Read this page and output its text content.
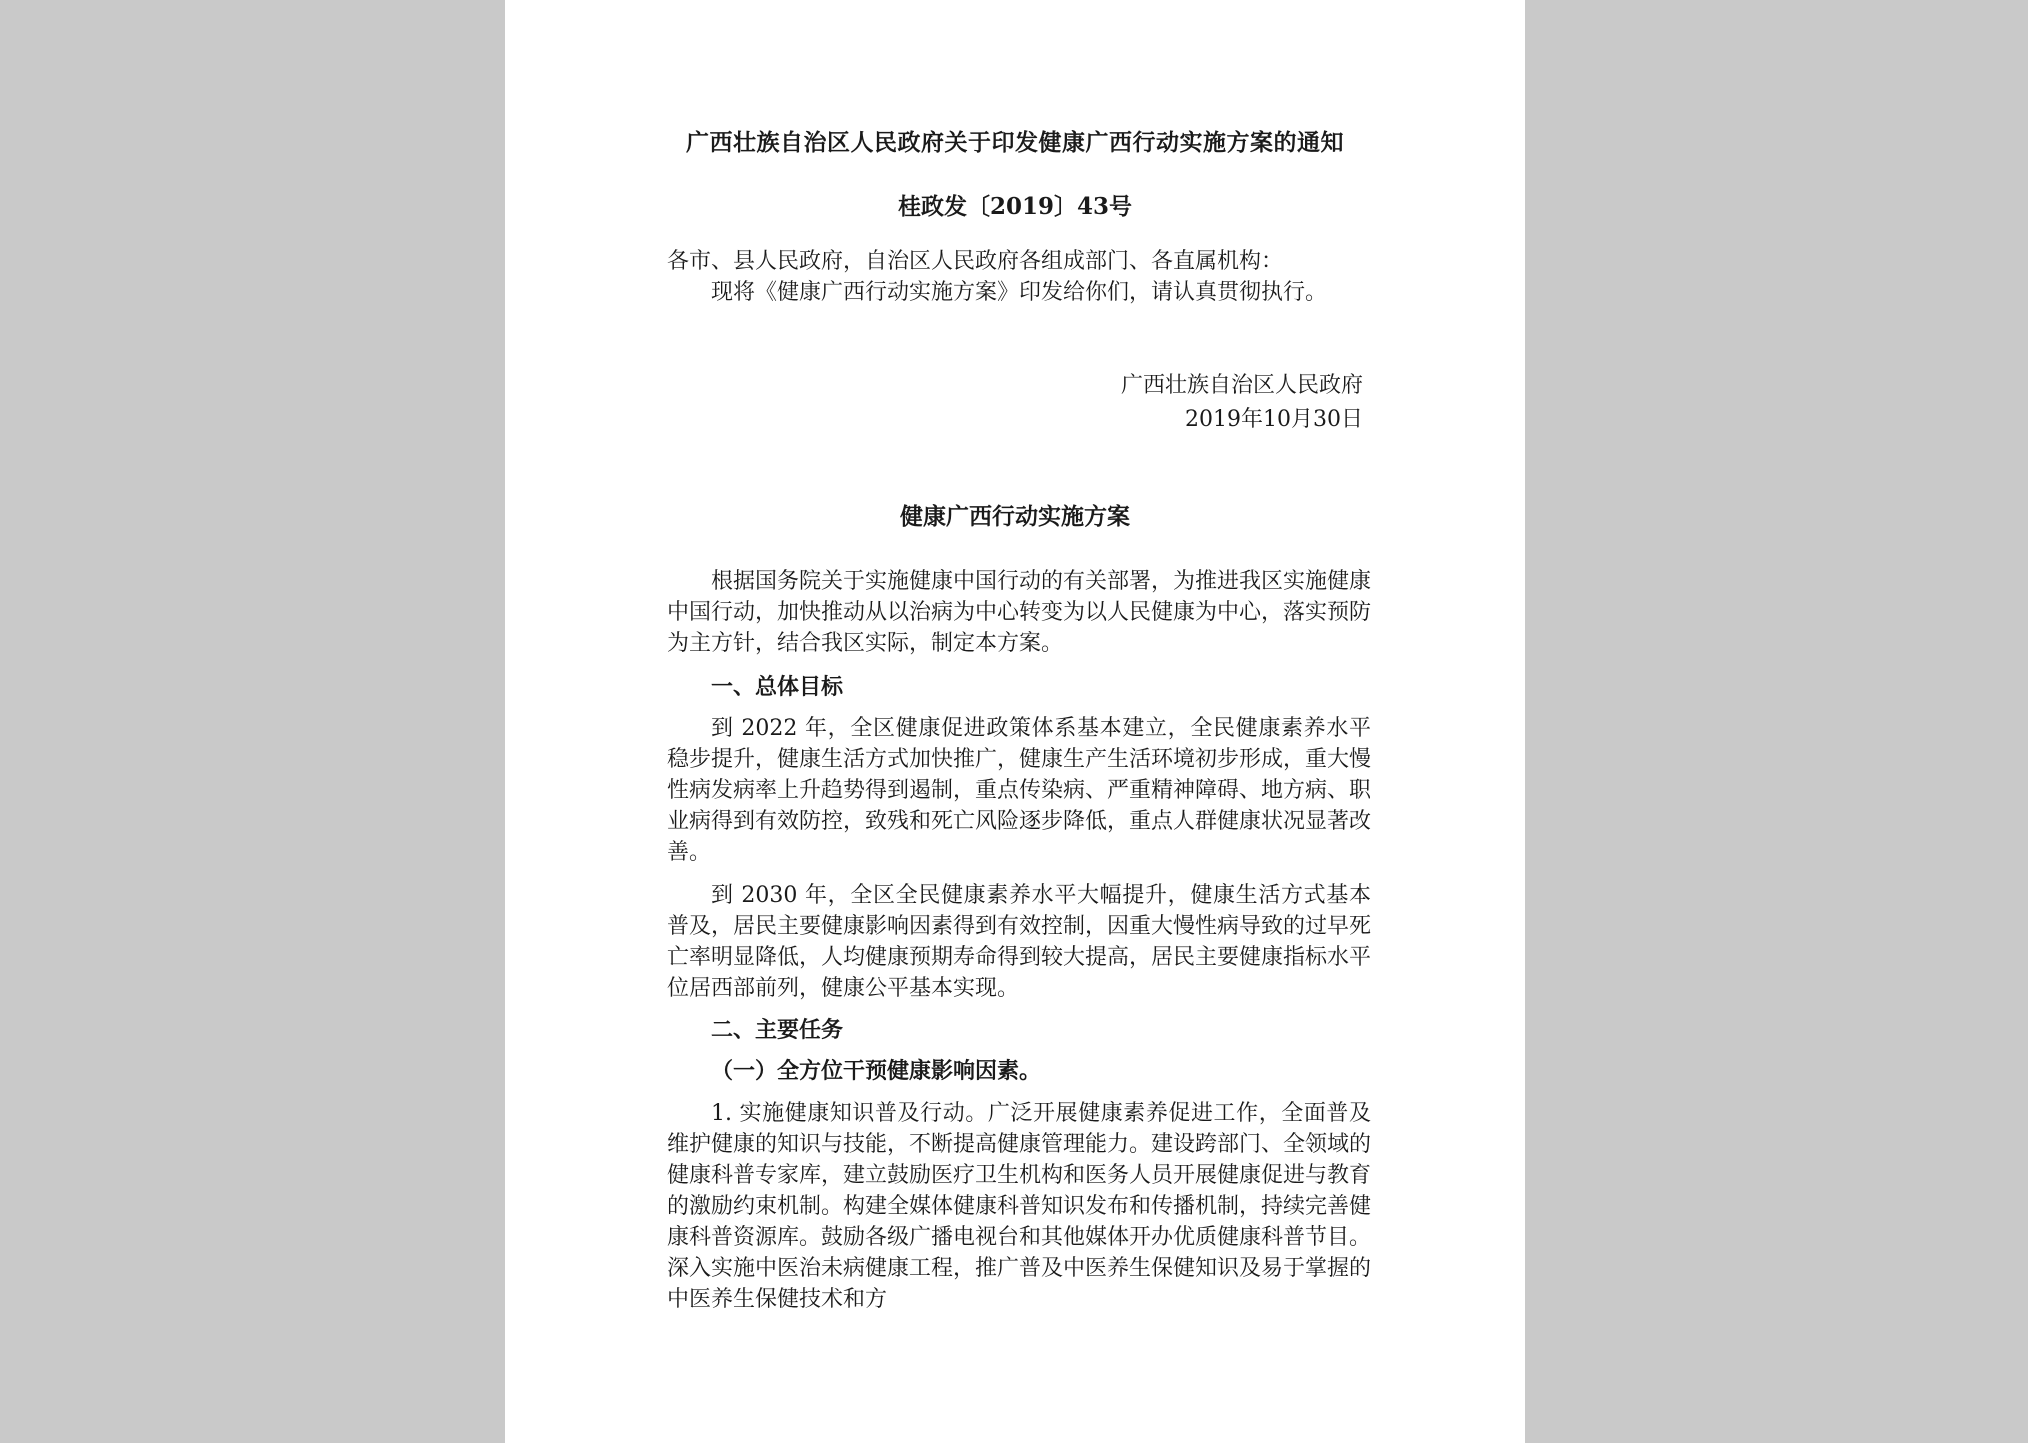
广西壮族自治区人民政府关于印发健康广西行动实施方案的通知
桂政发〔2019〕43号
各市、县人民政府，自治区人民政府各组成部门、各直属机构：
现将《健康广西行动实施方案》印发给你们，请认真贯彻执行。
广西壮族自治区人民政府
2019年10月30日
健康广西行动实施方案
根据国务院关于实施健康中国行动的有关部署，为推进我区实施健康中国行动，加快推动从以治病为中心转变为以人民健康为中心，落实预防为主方针，结合我区实际，制定本方案。
一、总体目标
到 2022 年，全区健康促进政策体系基本建立，全民健康素养水平稳步提升，健康生活方式加快推广，健康生产生活环境初步形成，重大慢性病发病率上升趋势得到遏制，重点传染病、严重精神障碍、地方病、职业病得到有效防控，致残和死亡风险逐步降低，重点人群健康状况显著改善。
到 2030 年，全区全民健康素养水平大幅提升，健康生活方式基本普及，居民主要健康影响因素得到有效控制，因重大慢性病导致的过早死亡率明显降低，人均健康预期寿命得到较大提高，居民主要健康指标水平位居西部前列，健康公平基本实现。
二、主要任务
（一）全方位干预健康影响因素。
1. 实施健康知识普及行动。广泛开展健康素养促进工作，全面普及维护健康的知识与技能，不断提高健康管理能力。建设跨部门、全领域的健康科普专家库，建立鼓励医疗卫生机构和医务人员开展健康促进与教育的激励约束机制。构建全媒体健康科普知识发布和传播机制，持续完善健康科普资源库。鼓励各级广播电视台和其他媒体开办优质健康科普节目。深入实施中医治未病健康工程，推广普及中医养生保健知识及易于掌握的中医养生保健技术和方
